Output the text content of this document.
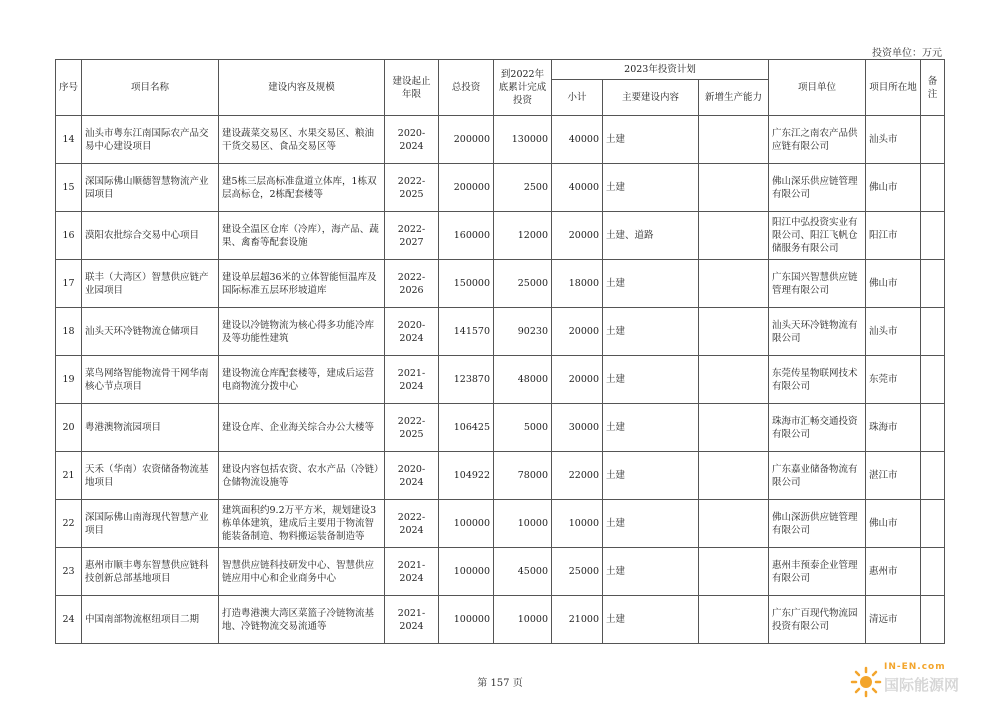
投资单位：万元
序号	项目名称	建设内容及规模	建设起止年限	总投资	到2022年底累计完成投资	2023年投资计划			项目单位	项目所在地	备注
						小计	主要建设内容	新增生产能力			
14	汕头市粤东江南国际农产品交易中心建设项目	建设蔬菜交易区、水果交易区、粮油干货交易区、食品交易区等	2020-2024	200000	130000	40000	土建		广东江之南农产品供应链有限公司	汕头市	
15	深国际佛山顺德智慧物流产业园项目	建5栋三层高标准盘道立体库，1栋双层高标仓，2栋配套楼等	2022-2025	200000	2500	40000	土建		佛山深乐供应链管理有限公司	佛山市	
16	漠阳农批综合交易中心项目	建设全温区仓库（冷库），海产品、蔬果、禽畜等配套设施	2022-2027	160000	12000	20000	土建、道路		阳江中弘投资实业有限公司、阳江飞帆仓储服务有限公司	阳江市	
17	联丰（大湾区）智慧供应链产业园项目	建设单层超36米的立体智能恒温库及国际标准五层环形坡道库	2022-2026	150000	25000	18000	土建		广东国兴智慧供应链管理有限公司	佛山市	
18	汕头天环冷链物流仓储项目	建设以冷链物流为核心得多功能冷库及等功能性建筑	2020-2024	141570	90230	20000	土建		汕头天环冷链物流有限公司	汕头市	
19	菜鸟网络智能物流骨干网华南核心节点项目	建设物流仓库配套楼等，建成后运营电商物流分拨中心	2021-2024	123870	48000	20000	土建		东莞传星物联网技术有限公司	东莞市	
20	粤港澳物流园项目	建设仓库、企业海关综合办公大楼等	2022-2025	106425	5000	30000	土建		珠海市汇畅交通投资有限公司	珠海市	
21	天禾（华南）农资储备物流基地项目	建设内容包括农资、农水产品（冷链）仓储物流设施等	2020-2024	104922	78000	22000	土建		广东嘉业储备物流有限公司	湛江市	
22	深国际佛山南海现代智慧产业项目	建筑面积约9.2万平方米，规划建设3栋单体建筑，建成后主要用于物流智能装备制造、物料搬运装备制造等	2022-2024	100000	10000	10000	土建		佛山深沥供应链管理有限公司	佛山市	
23	惠州市顺丰粤东智慧供应链科技创新总部基地项目	智慧供应链科技研发中心、智慧供应链应用中心和企业商务中心	2021-2024	100000	45000	25000	土建		惠州丰预泰企业管理有限公司	惠州市	
24	中国南部物流枢纽项目二期	打造粤港澳大湾区菜篮子冷链物流基地、冷链物流交易流通等	2021-2024	100000	10000	21000	土建		广东广百现代物流园投资有限公司	清远市	
第 157 页
IN-EN.com
国际能源网
